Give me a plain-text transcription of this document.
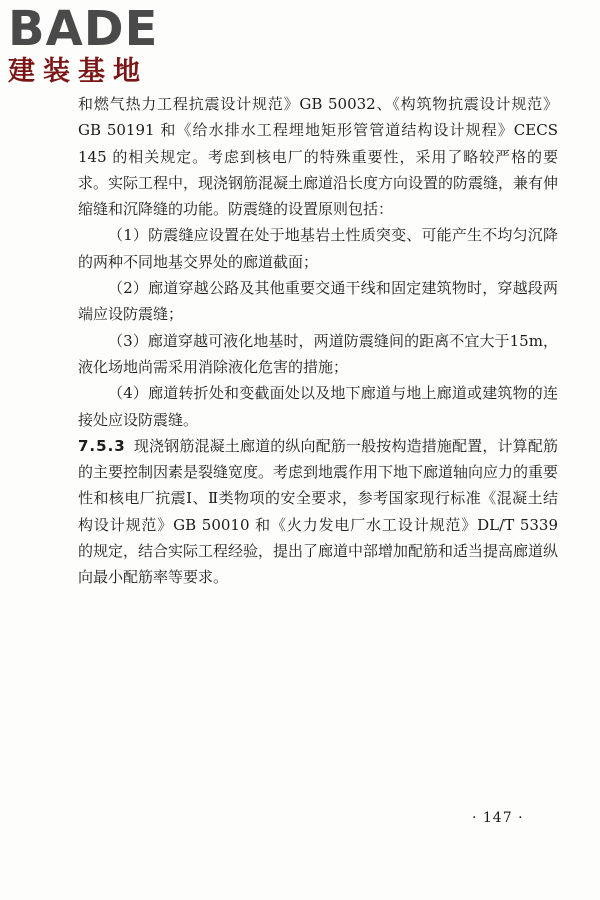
BADE
建装基地

和燃气热力工程抗震设计规范》GB 50032、《构筑物抗震设计规范》GB 50191 和《给水排水工程埋地矩形管管道结构设计规程》CECS 145 的相关规定。考虑到核电厂的特殊重要性，采用了略较严格的要求。实际工程中，现浇钢筋混凝土廊道沿长度方向设置的防震缝，兼有伸缩缝和沉降缝的功能。防震缝的设置原则包括：

（1）防震缝应设置在处于地基岩土性质突变、可能产生不均匀沉降的两种不同地基交界处的廊道截面；

（2）廊道穿越公路及其他重要交通干线和固定建筑物时，穿越段两端应设防震缝；

（3）廊道穿越可液化地基时，两道防震缝间的距离不宜大于15m，液化场地尚需采用消除液化危害的措施；

（4）廊道转折处和变截面处以及地下廊道与地上廊道或建筑物的连接处应设防震缝。

7.5.3 现浇钢筋混凝土廊道的纵向配筋一般按构造措施配置，计算配筋的主要控制因素是裂缝宽度。考虑到地震作用下地下廊道轴向应力的重要性和核电厂抗震Ⅰ、Ⅱ类物项的安全要求，参考国家现行标准《混凝土结构设计规范》GB 50010 和《火力发电厂水工设计规范》DL/T 5339 的规定，结合实际工程经验，提出了廊道中部增加配筋和适当提高廊道纵向最小配筋率等要求。

· 147 ·
